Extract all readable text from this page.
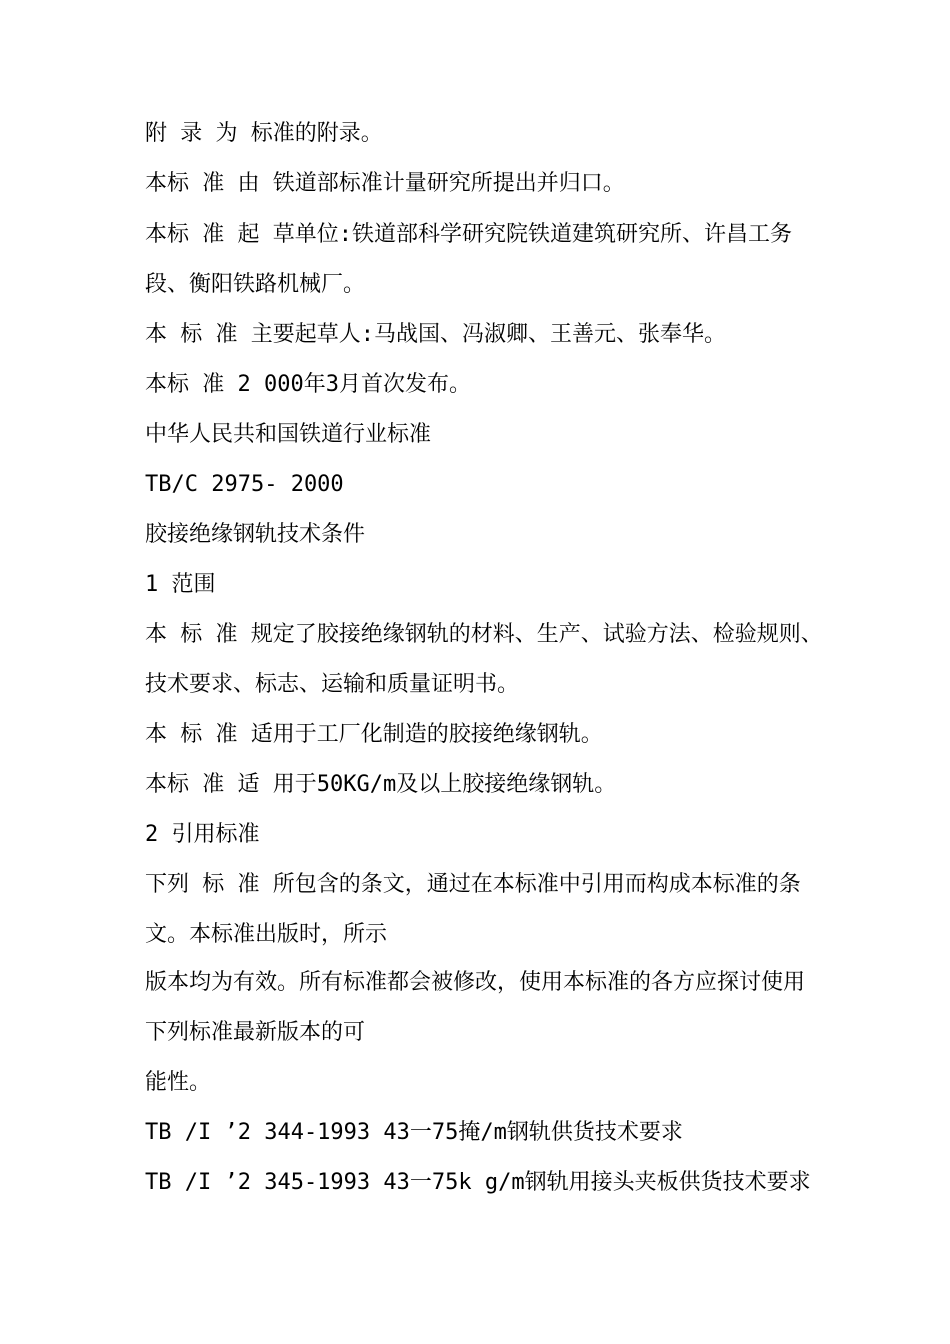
附 录 为 标准的附录。

本标 准 由 铁道部标准计量研究所提出并归口。

本标 准 起 草单位:铁道部科学研究院铁道建筑研究所、许昌工务

段、衡阳铁路机械厂。

本 标 准 主要起草人:马战国、冯淑卿、王善元、张奉华。

本标 准 2 000年3月首次发布。

中华人民共和国铁道行业标准

TB/C 2975- 2000

胶接绝缘钢轨技术条件

1 范围

本 标 准 规定了胶接绝缘钢轨的材料、生产、试验方法、检验规则、

技术要求、标志、运输和质量证明书。

本 标 准 适用于工厂化制造的胶接绝缘钢轨。

本标 准 适 用于50KG/m及以上胶接绝缘钢轨。

2 引用标准

下列 标 准 所包含的条文，通过在本标准中引用而构成本标准的条

文。本标准出版时，所示

版本均为有效。所有标准都会被修改，使用本标准的各方应探讨使用

下列标准最新版本的可

能性。

TB /I ’2 344-1993 43一75掩/m钢轨供货技术要求

TB /I ’2 345-1993 43一75k g/m钢轨用接头夹板供货技术要求
